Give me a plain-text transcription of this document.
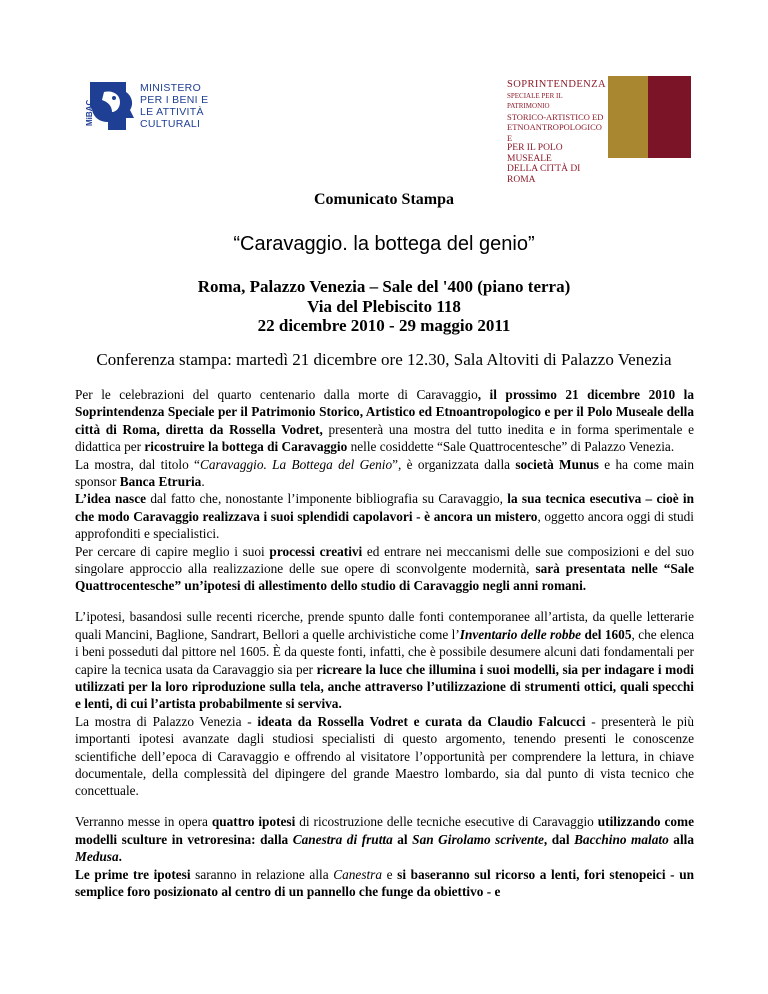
MiBAC
MINISTERO
PER I BENI E
LE ATTIVITÀ
CULTURALI
SOPRINTENDENZA
SPECIALE PER IL PATRIMONIO
STORICO-ARTISTICO ED
ETNOANTROPOLOGICO E
PER IL POLO MUSEALE
DELLA CITTÀ DI ROMA
Comunicato Stampa
“Caravaggio. la bottega del genio”
Roma, Palazzo Venezia – Sale del '400 (piano terra)
Via del Plebiscito 118
22 dicembre 2010 - 29 maggio 2011
Conferenza stampa: martedì 21 dicembre ore 12.30, Sala Altoviti di Palazzo Venezia

Per le celebrazioni del quarto centenario dalla morte di Caravaggio, il prossimo 21 dicembre 2010 la Soprintendenza Speciale per il Patrimonio Storico, Artistico ed Etnoantropologico e per il Polo Museale della città di Roma, diretta da Rossella Vodret, presenterà una mostra del tutto inedita e in forma sperimentale e didattica per ricostruire la bottega di Caravaggio nelle cosiddette “Sale Quattrocentesche” di Palazzo Venezia.

La mostra, dal titolo “Caravaggio. La Bottega del Genio”, è organizzata dalla società Munus e ha come main sponsor Banca Etruria.

L’idea nasce dal fatto che, nonostante l’imponente bibliografia su Caravaggio, la sua tecnica esecutiva – cioè in che modo Caravaggio realizzava i suoi splendidi capolavori - è ancora un mistero, oggetto ancora oggi di studi approfonditi e specialistici.

Per cercare di capire meglio i suoi processi creativi ed entrare nei meccanismi delle sue composizioni e del suo singolare approccio alla realizzazione delle sue opere di sconvolgente modernità, sarà presentata nelle “Sale Quattrocentesche” un’ipotesi di allestimento dello studio di Caravaggio negli anni romani.

L’ipotesi, basandosi sulle recenti ricerche, prende spunto dalle fonti contemporanee all’artista, da quelle letterarie quali Mancini, Baglione, Sandrart, Bellori a quelle archivistiche come l’Inventario delle robbe del 1605, che elenca i beni posseduti dal pittore nel 1605. È da queste fonti, infatti, che è possibile desumere alcuni dati fondamentali per capire la tecnica usata da Caravaggio sia per ricreare la luce che illumina i suoi modelli, sia per indagare i modi utilizzati per la loro riproduzione sulla tela, anche attraverso l’utilizzazione di strumenti ottici, quali specchi e lenti, di cui l’artista probabilmente si serviva.

La mostra di Palazzo Venezia - ideata da Rossella Vodret e curata da Claudio Falcucci - presenterà le più importanti ipotesi avanzate dagli studiosi specialisti di questo argomento, tenendo presenti le conoscenze scientifiche dell’epoca di Caravaggio e offrendo al visitatore l’opportunità per comprendere la lettura, in chiave documentale, della complessità del dipingere del grande Maestro lombardo, sia dal punto di vista tecnico che concettuale.

Verranno messe in opera quattro ipotesi di ricostruzione delle tecniche esecutive di Caravaggio utilizzando come modelli sculture in vetroresina: dalla Canestra di frutta al San Girolamo scrivente, dal Bacchino malato alla Medusa.

Le prime tre ipotesi saranno in relazione alla Canestra e si baseranno sul ricorso a lenti, fori stenopeici - un semplice foro posizionato al centro di un pannello che funge da obiettivo - e
